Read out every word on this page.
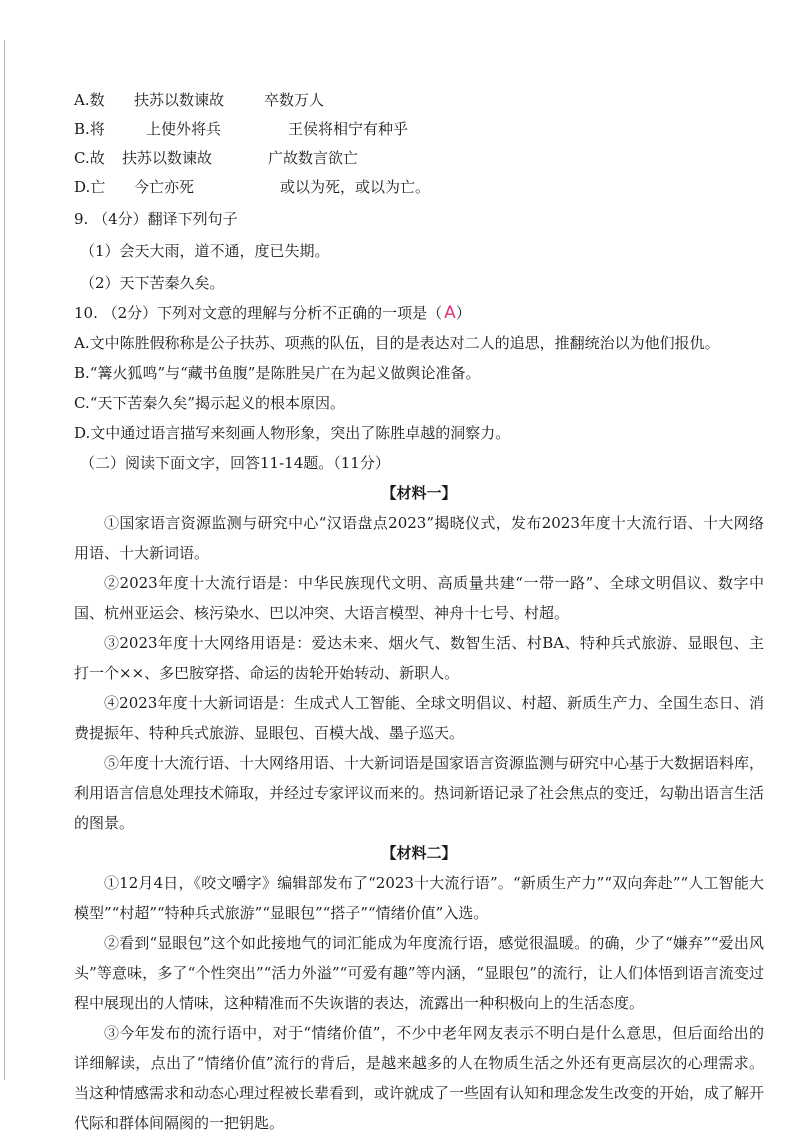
A.数 扶苏以数谏故	卒数万人
B.将	上使外将兵	王侯将相宁有种乎
C.故 扶苏以数谏故	广故数言欲亡
D.亡 今亡亦死	或以为死，或以为亡。
9. （4分）翻译下列句子
（1）会天大雨，道不通，度已失期。
（2）天下苦秦久矣。
10. （2分）下列对文意的理解与分析不正确的一项是（ A）
A.文中陈胜假称称是公子扶苏、项燕的队伍，目的是表达对二人的追思，推翻统治以为他们报仇。
B.“篝火狐鸣”与“藏书鱼腹”是陈胜吴广在为起义做舆论准备。
C.“天下苦秦久矣”揭示起义的根本原因。
D.文中通过语言描写来刻画人物形象，突出了陈胜卓越的洞察力。
（二）阅读下面文字，回答11-14题。（11分）
【材料一】

①国家语言资源监测与研究中心“汉语盘点2023”揭晓仪式，发布2023年度十大流行语、十大网络用语、十大新词语。

②2023年度十大流行语是：中华民族现代文明、高质量共建“一带一路”、全球文明倡议、数字中国、杭州亚运会、核污染水、巴以冲突、大语言模型、神舟十七号、村超。

③2023年度十大网络用语是：爱达未来、烟火气、数智生活、村BA、特种兵式旅游、显眼包、主打一个××、多巴胺穿搭、命运的齿轮开始转动、新职人。

④2023年度十大新词语是：生成式人工智能、全球文明倡议、村超、新质生产力、全国生态日、消费提振年、特种兵式旅游、显眼包、百模大战、墨子巡天。

⑤年度十大流行语、十大网络用语、十大新词语是国家语言资源监测与研究中心基于大数据语料库，利用语言信息处理技术筛取，并经过专家评议而来的。热词新语记录了社会焦点的变迁，勾勒出语言生活的图景。

【材料二】

①12月4日，《咬文嚼字》编辑部发布了“2023十大流行语”。“新质生产力”“双向奔赴”“人工智能大模型”“村超”“特种兵式旅游”“显眼包”“搭子”“情绪价值”入选。

②看到“显眼包”这个如此接地气的词汇能成为年度流行语，感觉很温暖。的确，少了“嫌弃”“爱出风头”等意味，多了“个性突出”“活力外溢”“可爱有趣”等内涵，“显眼包”的流行，让人们体悟到语言流变过程中展现出的人情味，这种精准而不失诙谐的表达，流露出一种积极向上的生活态度。

③今年发布的流行语中，对于“情绪价值”，不少中老年网友表示不明白是什么意思，但后面给出的详细解读，点出了“情绪价值”流行的背后，是越来越多的人在物质生活之外还有更高层次的心理需求。当这种情感需求和动态心理过程被长辈看到，或许就成了一些固有认知和理念发生改变的开始，成了解开代际和群体间隔阂的一把钥匙。
